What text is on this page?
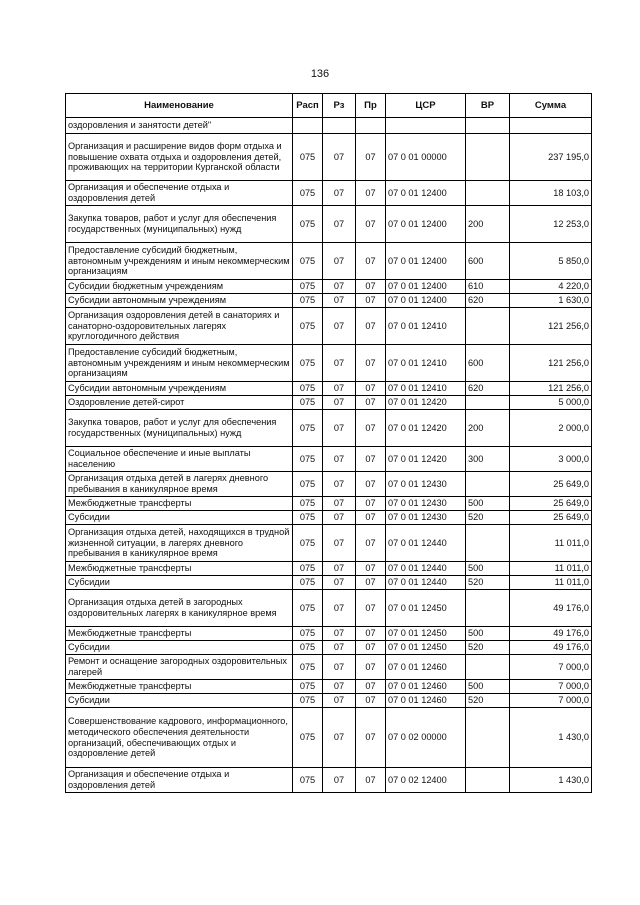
136
Наименование	Расп	Рз	Пр	ЦСР	ВР	Сумма
оздоровления и занятости детей"						
Организация и расширение видов форм отдыха и повышение охвата отдыха и оздоровления детей, проживающих на территории Курганской области	075	07	07	07 0 01 00000		237 195,0
Организация и обеспечение отдыха и оздоровления детей	075	07	07	07 0 01 12400		18 103,0
Закупка товаров, работ и услуг для обеспечения государственных (муниципальных) нужд	075	07	07	07 0 01 12400	200	12 253,0
Предоставление субсидий бюджетным, автономным учреждениям и иным некоммерческим организациям	075	07	07	07 0 01 12400	600	5 850,0
Субсидии бюджетным учреждениям	075	07	07	07 0 01 12400	610	4 220,0
Субсидии автономным учреждениям	075	07	07	07 0 01 12400	620	1 630,0
Организация оздоровления детей в санаториях и санаторно-оздоровительных лагерях круглогодичного действия	075	07	07	07 0 01 12410		121 256,0
Предоставление субсидий бюджетным, автономным учреждениям и иным некоммерческим организациям	075	07	07	07 0 01 12410	600	121 256,0
Субсидии автономным учреждениям	075	07	07	07 0 01 12410	620	121 256,0
Оздоровление детей-сирот	075	07	07	07 0 01 12420		5 000,0
Закупка товаров, работ и услуг для обеспечения государственных (муниципальных) нужд	075	07	07	07 0 01 12420	200	2 000,0
Социальное обеспечение и иные выплаты населению	075	07	07	07 0 01 12420	300	3 000,0
Организация отдыха детей в лагерях дневного пребывания в каникулярное время	075	07	07	07 0 01 12430		25 649,0
Межбюджетные трансферты	075	07	07	07 0 01 12430	500	25 649,0
Субсидии	075	07	07	07 0 01 12430	520	25 649,0
Организация отдыха детей, находящихся в трудной жизненной ситуации, в лагерях дневного пребывания в каникулярное время	075	07	07	07 0 01 12440		11 011,0
Межбюджетные трансферты	075	07	07	07 0 01 12440	500	11 011,0
Субсидии	075	07	07	07 0 01 12440	520	11 011,0
Организация отдыха детей в загородных оздоровительных лагерях в каникулярное время	075	07	07	07 0 01 12450		49 176,0
Межбюджетные трансферты	075	07	07	07 0 01 12450	500	49 176,0
Субсидии	075	07	07	07 0 01 12450	520	49 176,0
Ремонт и оснащение загородных оздоровительных лагерей	075	07	07	07 0 01 12460		7 000,0
Межбюджетные трансферты	075	07	07	07 0 01 12460	500	7 000,0
Субсидии	075	07	07	07 0 01 12460	520	7 000,0
Совершенствование кадрового, информационного, методического обеспечения деятельности организаций, обеспечивающих отдых и оздоровление детей	075	07	07	07 0 02 00000		1 430,0
Организация и обеспечение отдыха и оздоровления детей	075	07	07	07 0 02 12400		1 430,0
